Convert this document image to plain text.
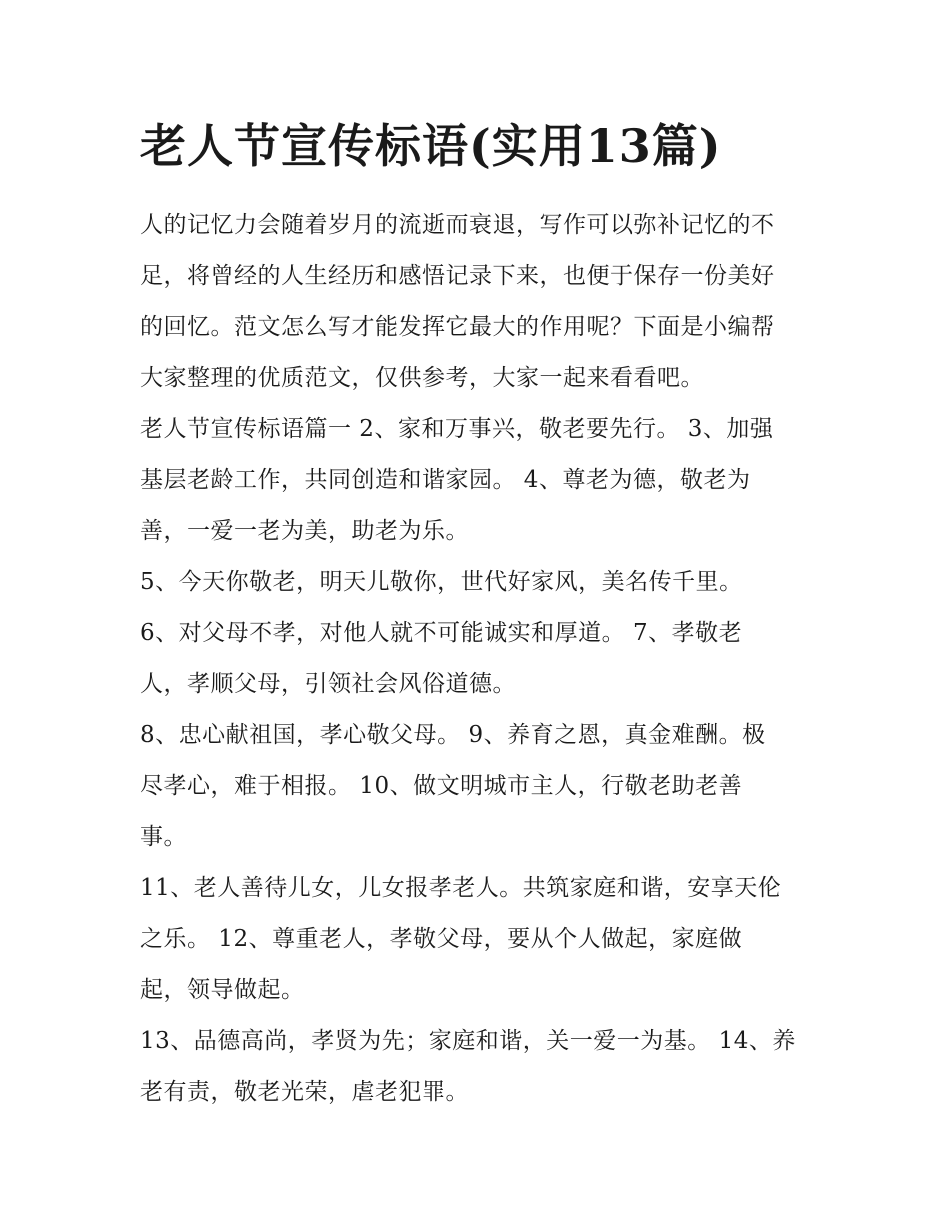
老人节宣传标语(实用13篇)

人的记忆力会随着岁月的流逝而衰退，写作可以弥补记忆的不
足，将曾经的人生经历和感悟记录下来，也便于保存一份美好
的回忆。范文怎么写才能发挥它最大的作用呢？下面是小编帮
大家整理的优质范文，仅供参考，大家一起来看看吧。

老人节宣传标语篇一 2、家和万事兴，敬老要先行。 3、加强
基层老龄工作，共同创造和谐家园。 4、尊老为德，敬老为
善，一爱一老为美，助老为乐。

5、今天你敬老，明天儿敬你，世代好家风，美名传千里。

6、对父母不孝，对他人就不可能诚实和厚道。 7、孝敬老
人，孝顺父母，引领社会风俗道德。

8、忠心献祖国，孝心敬父母。 9、养育之恩，真金难酬。极
尽孝心，难于相报。 10、做文明城市主人，行敬老助老善
事。

11、老人善待儿女，儿女报孝老人。共筑家庭和谐，安享天伦
之乐。 12、尊重老人，孝敬父母，要从个人做起，家庭做
起，领导做起。

13、品德高尚，孝贤为先；家庭和谐，关一爱一为基。 14、养
老有责，敬老光荣，虐老犯罪。
